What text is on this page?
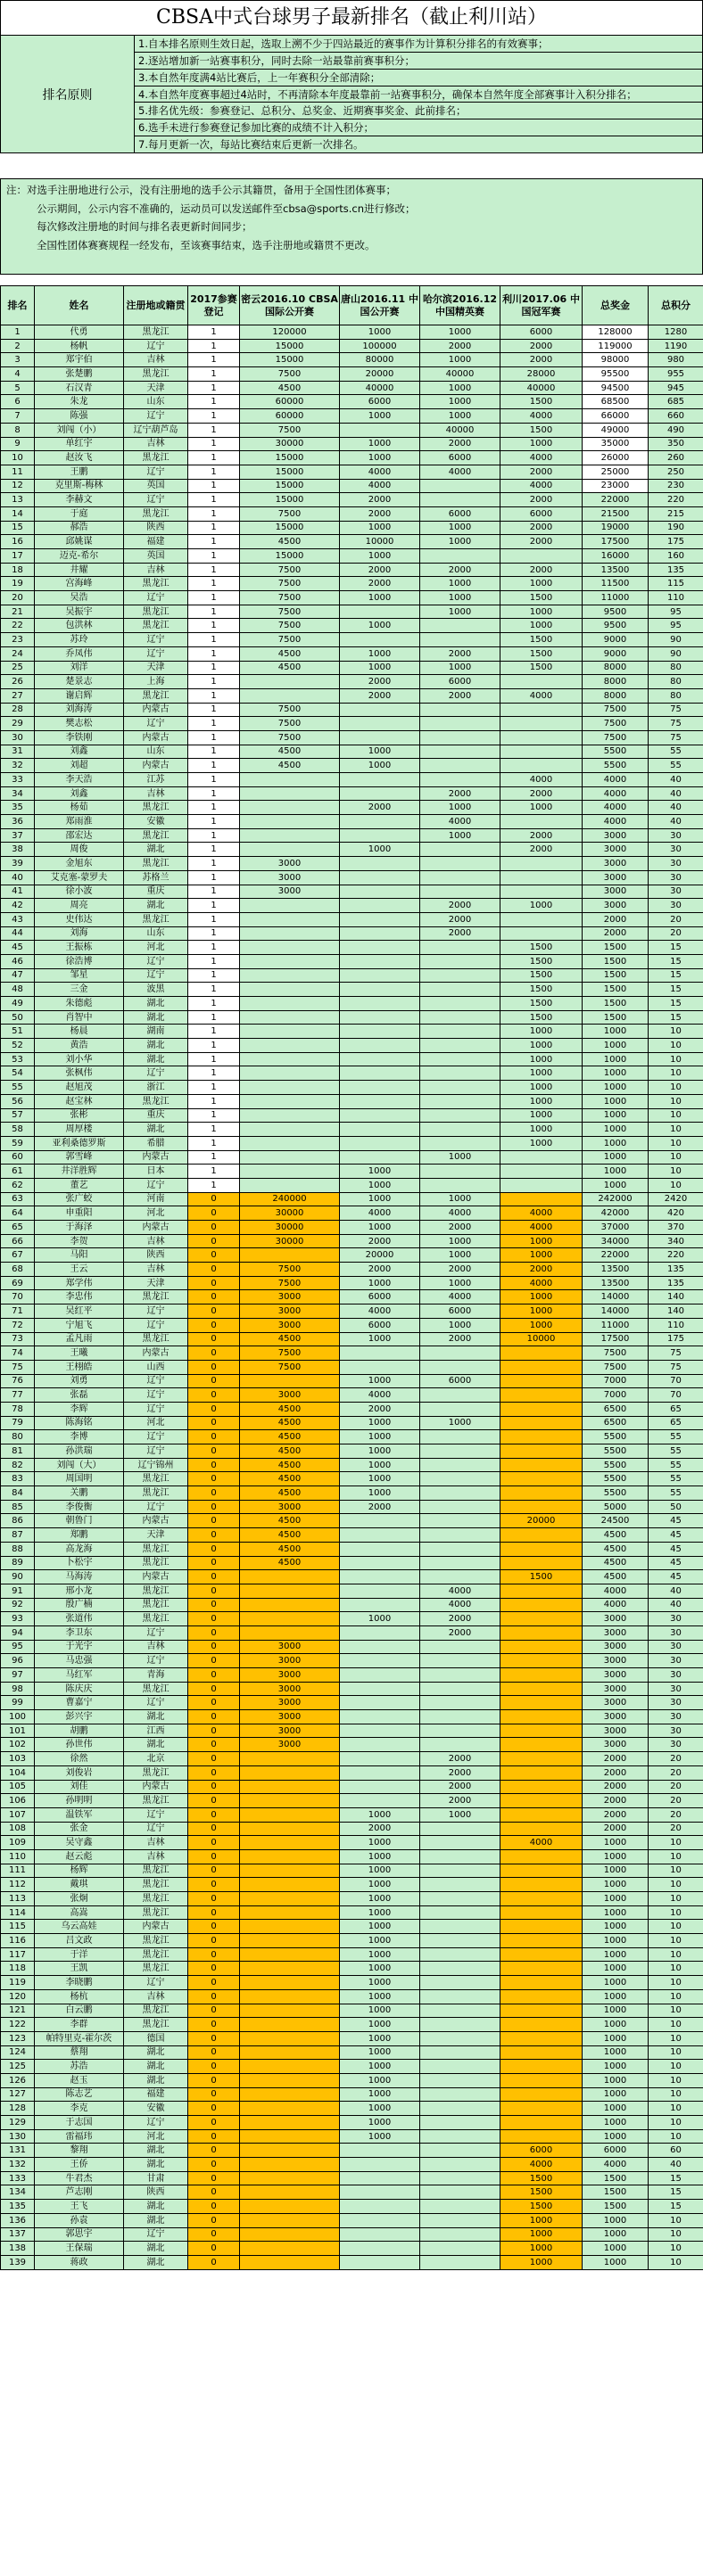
CBSA中式台球男子最新排名（截止利川站）
排名原则
1.自本排名原则生效日起，选取上溯不少于四站最近的赛事作为计算积分排名的有效赛事；
2.逐站增加新一站赛事积分，同时去除一站最靠前赛事积分；
3.本自然年度满4站比赛后，上一年赛积分全部清除；
4.本自然年度赛事超过4站时，不再清除本年度最靠前一站赛事积分，确保本自然年度全部赛事计入积分排名；
5.排名优先级：参赛登记、总积分、总奖金、近期赛事奖金、此前排名；
6.选手未进行参赛登记参加比赛的成绩不计入积分；
7.每月更新一次，每站比赛结束后更新一次排名。
注：对选手注册地进行公示，没有注册地的选手公示其籍贯，备用于全国性团体赛事；
公示期间，公示内容不准确的，运动员可以发送邮件至cbsa@sports.cn进行修改；
每次修改注册地的时间与排名表更新时间同步；
全国性团体赛赛规程一经发布，至该赛事结束，选手注册地或籍贯不更改。
排名	姓名	注册地或籍贯	2017参赛登记	密云2016.10 CBSA国际公开赛	唐山2016.11 中国公开赛	哈尔滨2016.12 中国精英赛	利川2017.06 中国冠军赛	总奖金	总积分
1	代勇	黑龙江	1	120000	1000	1000	6000	128000	1280
2	杨帆	辽宁	1	15000	100000	2000	2000	119000	1190
3	郑宇伯	吉林	1	15000	80000	1000	2000	98000	980
4	张楚鹏	黑龙江	1	7500	20000	40000	28000	95500	955
5	石汉青	天津	1	4500	40000	1000	40000	94500	945
6	朱龙	山东	1	60000	6000	1000	1500	68500	685
7	陈强	辽宁	1	60000	1000	1000	4000	66000	660
8	刘闯（小）	辽宁葫芦岛	1	7500		40000	1500	49000	490
9	单红宇	吉林	1	30000	1000	2000	1000	35000	350
10	赵汝飞	黑龙江	1	15000	1000	6000	4000	26000	260
11	王鹏	辽宁	1	15000	4000	4000	2000	25000	250
12	克里斯-梅林	英国	1	15000	4000		4000	23000	230
13	李赫文	辽宁	1	15000	2000		2000	22000	220
14	于庭	黑龙江	1	7500	2000	6000	6000	21500	215
15	郝浩	陕西	1	15000	1000	1000	2000	19000	190
16	邱姚谋	福建	1	4500	10000	1000	2000	17500	175
17	迈克-希尔	英国	1	15000	1000			16000	160
18	井耀	吉林	1	7500	2000	2000	2000	13500	135
19	宫海峰	黑龙江	1	7500	2000	1000	1000	11500	115
20	吴浩	辽宁	1	7500	1000	1000	1500	11000	110
21	吴振宇	黑龙江	1	7500		1000	1000	9500	95
22	包洪林	黑龙江	1	7500	1000		1000	9500	95
23	苏玲	辽宁	1	7500			1500	9000	90
24	乔凤伟	辽宁	1	4500	1000	2000	1500	9000	90
25	刘洋	天津	1	4500	1000	1000	1500	8000	80
26	楚景志	上海	1		2000	6000		8000	80
27	谢启辉	黑龙江	1		2000	2000	4000	8000	80
28	刘海涛	内蒙古	1	7500				7500	75
29	樊志松	辽宁	1	7500				7500	75
30	李铁刚	内蒙古	1	7500				7500	75
31	刘鑫	山东	1	4500	1000			5500	55
32	刘超	内蒙古	1	4500	1000			5500	55
33	李天浩	江苏	1				4000	4000	40
34	刘鑫	吉林	1			2000	2000	4000	40
35	杨茹	黑龙江	1		2000	1000	1000	4000	40
36	郑雨淮	安徽	1			4000		4000	40
37	邵宏达	黑龙江	1			1000	2000	3000	30
38	周俊	湖北	1		1000		2000	3000	30
39	金旭东	黑龙江	1	3000				3000	30
40	艾克塞-蒙罗夫	苏格兰	1	3000				3000	30
41	徐小波	重庆	1	3000				3000	30
42	周亮	湖北	1			2000	1000	3000	30
43	史伟达	黑龙江	1			2000		2000	20
44	刘海	山东	1			2000		2000	20
45	王振栋	河北	1				1500	1500	15
46	徐浩博	辽宁	1				1500	1500	15
47	邹星	辽宁	1				1500	1500	15
48	三金	波黑	1				1500	1500	15
49	朱德彪	湖北	1				1500	1500	15
50	肖智中	湖北	1				1500	1500	15
51	杨晨	湖南	1				1000	1000	10
52	黄浩	湖北	1				1000	1000	10
53	刘小华	湖北	1				1000	1000	10
54	张枫伟	辽宁	1				1000	1000	10
55	赵旭茂	浙江	1				1000	1000	10
56	赵宝林	黑龙江	1				1000	1000	10
57	张彬	重庆	1				1000	1000	10
58	周厚楼	湖北	1				1000	1000	10
59	亚利桑德罗斯	希腊	1				1000	1000	10
60	郭雪峰	内蒙古	1			1000		1000	10
61	井洋胜辉	日本	1		1000			1000	10
62	董艺	辽宁	1		1000			1000	10
63	张广蛟	河南	0	240000	1000	1000		242000	2420
64	申重阳	河北	0	30000	4000	4000	4000	42000	420
65	于海泽	内蒙古	0	30000	1000	2000	4000	37000	370
66	李贺	吉林	0	30000	2000	1000	1000	34000	340
67	马阳	陕西	0		20000	1000	1000	22000	220
68	王云	吉林	0	7500	2000	2000	2000	13500	135
69	郑学伟	天津	0	7500	1000	1000	4000	13500	135
70	李忠伟	黑龙江	0	3000	6000	4000	1000	14000	140
71	吴红平	辽宁	0	3000	4000	6000	1000	14000	140
72	宁旭飞	辽宁	0	3000	6000	1000	1000	11000	110
73	孟凡雨	黑龙江	0	4500	1000	2000	10000	17500	175
74	王曦	内蒙古	0	7500				7500	75
75	王栩皓	山西	0	7500				7500	75
76	刘勇	辽宁	0		1000	6000		7000	70
77	张磊	辽宁	0	3000	4000			7000	70
78	李辉	辽宁	0	4500	2000			6500	65
79	陈海铭	河北	0	4500	1000	1000		6500	65
80	李博	辽宁	0	4500	1000			5500	55
81	孙洪瑞	辽宁	0	4500	1000			5500	55
82	刘闯（大）	辽宁锦州	0	4500	1000			5500	55
83	周国明	黑龙江	0	4500	1000			5500	55
84	关鹏	黑龙江	0	4500	1000			5500	55
85	李俊衡	辽宁	0	3000	2000			5000	50
86	朝鲁门	内蒙古	0	4500			20000	24500	45
87	郑鹏	天津	0	4500				4500	45
88	高龙海	黑龙江	0	4500				4500	45
89	卜松宇	黑龙江	0	4500				4500	45
90	马海涛	内蒙古	0				1500	4500	45
91	邢小龙	黑龙江	0			4000		4000	40
92	殷广楠	黑龙江	0			4000		4000	40
93	张道伟	黑龙江	0		1000	2000		3000	30
94	李卫东	辽宁	0			2000		3000	30
95	于光宇	吉林	0	3000				3000	30
96	马忠强	辽宁	0	3000				3000	30
97	马红军	青海	0	3000				3000	30
98	陈庆庆	黑龙江	0	3000				3000	30
99	曹嘉宁	辽宁	0	3000				3000	30
100	彭兴宇	湖北	0	3000				3000	30
101	胡鹏	江西	0	3000				3000	30
102	孙世伟	湖北	0	3000				3000	30
103	徐然	北京	0			2000		2000	20
104	刘俊岩	黑龙江	0			2000		2000	20
105	刘佳	内蒙古	0			2000		2000	20
106	孙明明	黑龙江	0			2000		2000	20
107	温铁军	辽宁	0		1000	1000		2000	20
108	张金	辽宁	0		2000			2000	20
109	吴守鑫	吉林	0		1000		4000	1000	10
110	赵云彪	吉林	0		1000			1000	10
111	杨辉	黑龙江	0		1000			1000	10
112	戴琪	黑龙江	0		1000			1000	10
113	张炯	黑龙江	0		1000			1000	10
114	高嵩	黑龙江	0		1000			1000	10
115	乌云高娃	内蒙古	0		1000			1000	10
116	吕文政	黑龙江	0		1000			1000	10
117	于洋	黑龙江	0		1000			1000	10
118	王凯	黑龙江	0		1000			1000	10
119	李晓鹏	辽宁	0		1000			1000	10
120	杨杭	吉林	0		1000			1000	10
121	白云鹏	黑龙江	0		1000			1000	10
122	李群	黑龙江	0		1000			1000	10
123	帕特里克-霍尔茨	德国	0		1000			1000	10
124	蔡翔	湖北	0		1000			1000	10
125	苏浩	湖北	0		1000			1000	10
126	赵玉	湖北	0		1000			1000	10
127	陈志艺	福建	0		1000			1000	10
128	李克	安徽	0		1000			1000	10
129	于志国	辽宁	0		1000			1000	10
130	雷福玮	河北	0		1000			1000	10
131	黎翔	湖北	0				6000	6000	60
132	王侨	湖北	0				4000	4000	40
133	牛君杰	甘肃	0				1500	1500	15
134	芦志刚	陕西	0				1500	1500	15
135	王飞	湖北	0				1500	1500	15
136	孙袁	湖北	0				1000	1000	10
137	郭思宇	辽宁	0				1000	1000	10
138	王保瑞	湖北	0				1000	1000	10
139	蒋政	湖北	0				1000	1000	10
